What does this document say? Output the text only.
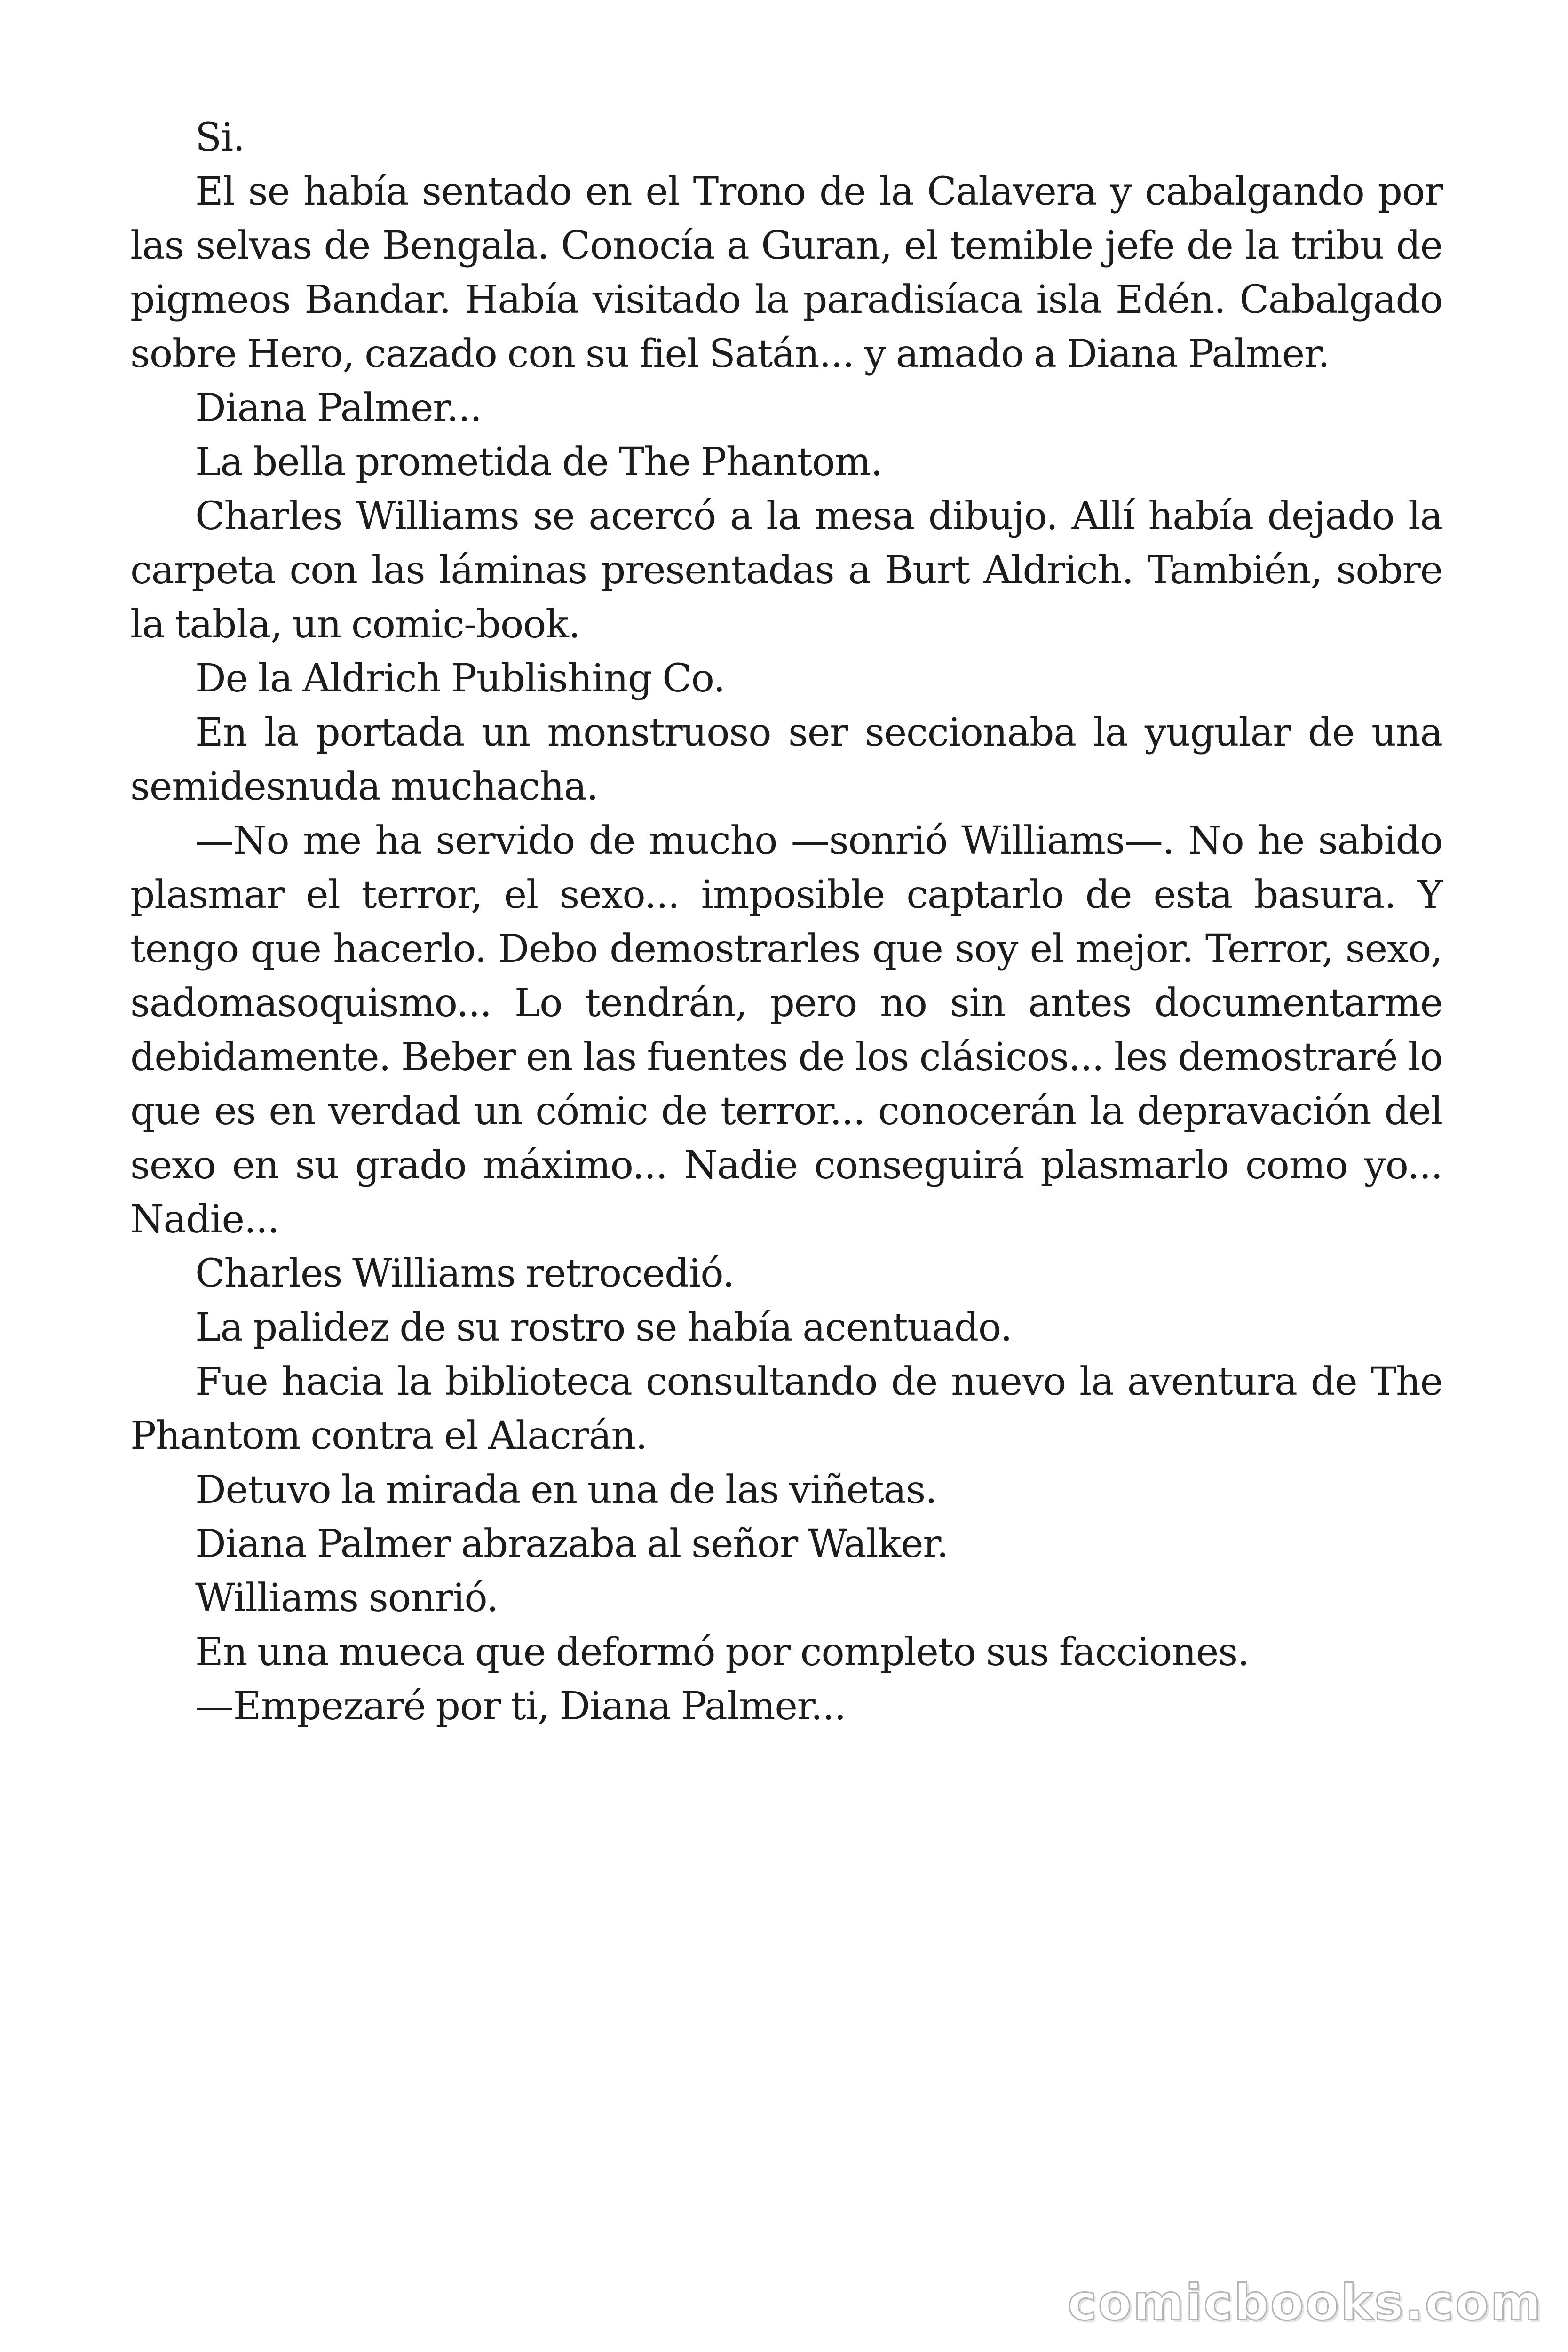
Si.

El se había sentado en el Trono de la Calavera y cabalgando por las selvas de Bengala. Conocía a Guran, el temible jefe de la tribu de pigmeos Bandar. Había visitado la paradisíaca isla Edén. Cabalgado sobre Hero, cazado con su fiel Satán... y amado a Diana Palmer.

Diana Palmer...

La bella prometida de The Phantom.

Charles Williams se acercó a la mesa dibujo. Allí había dejado la carpeta con las láminas presentadas a Burt Aldrich. También, sobre la tabla, un comic-book.

De la Aldrich Publishing Co.

En la portada un monstruoso ser seccionaba la yugular de una semidesnuda muchacha.

—No me ha servido de mucho —sonrió Williams—. No he sabido plasmar el terror, el sexo... imposible captarlo de esta basura. Y tengo que hacerlo. Debo demostrarles que soy el mejor. Terror, sexo, sadomasoquismo... Lo tendrán, pero no sin antes documentarme debidamente. Beber en las fuentes de los clásicos... les demostraré lo que es en verdad un cómic de terror... conocerán la depravación del sexo en su grado máximo... Nadie conseguirá plasmarlo como yo... Nadie...

Charles Williams retrocedió.

La palidez de su rostro se había acentuado.

Fue hacia la biblioteca consultando de nuevo la aventura de The Phantom contra el Alacrán.

Detuvo la mirada en una de las viñetas.

Diana Palmer abrazaba al señor Walker.

Williams sonrió.

En una mueca que deformó por completo sus facciones.

—Empezaré por ti, Diana Palmer...

comicbooks.com
